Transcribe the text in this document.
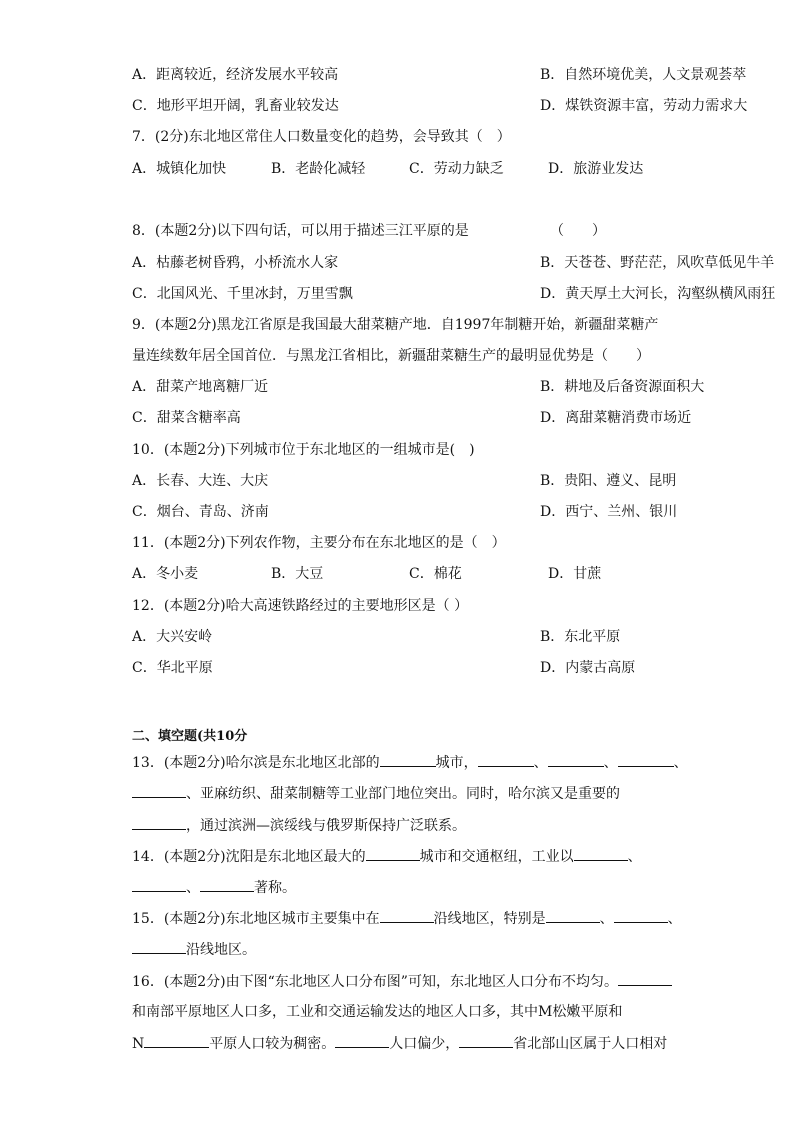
A．距离较近，经济发展水平较高	B．自然环境优美，人文景观荟萃
C．地形平坦开阔，乳畜业较发达	D．煤铁资源丰富，劳动力需求大
7．(2分)东北地区常住人口数量变化的趋势，会导致其（　）
A．城镇化加快	B．老龄化减轻	C．劳动力缺乏	D．旅游业发达
8．(本题2分)以下四句话，可以用于描述三江平原的是	（　　）
A．枯藤老树昏鸦，小桥流水人家	B．天苍苍、野茫茫，风吹草低见牛羊
C．北国风光、千里冰封，万里雪飘	D．黄天厚土大河长，沟壑纵横风雨狂
9．(本题2分)黑龙江省原是我国最大甜菜糖产地．自1997年制糖开始，新疆甜菜糖产
量连续数年居全国首位．与黑龙江省相比，新疆甜菜糖生产的最明显优势是（　　）
A．甜菜产地离糖厂近	B．耕地及后备资源面积大
C．甜菜含糖率高	D．离甜菜糖消费市场近
10．(本题2分)下列城市位于东北地区的一组城市是(　)
A．长春、大连、大庆	B．贵阳、遵义、昆明
C．烟台、青岛、济南	D．西宁、兰州、银川
11．(本题2分)下列农作物，主要分布在东北地区的是（　）
A．冬小麦	B．大豆	C．棉花	D．甘蔗
12．(本题2分)哈大高速铁路经过的主要地形区是（ ）
A．大兴安岭	B．东北平原
C．华北平原	D．内蒙古高原
二、填空题(共10分
13．(本题2分)哈尔滨是东北地区北部的	城市，	、	、	、
、亚麻纺织、甜菜制糖等工业部门地位突出。同时，哈尔滨又是重要的
，通过滨洲—滨绥线与俄罗斯保持广泛联系。
14．(本题2分)沈阳是东北地区最大的	城市和交通枢纽，工业以	、
、	著称。
15．(本题2分)东北地区城市主要集中在	沿线地区，特别是	、	、
沿线地区。
16．(本题2分)由下图“东北地区人口分布图”可知，东北地区人口分布不均匀。
和南部平原地区人口多，工业和交通运输发达的地区人口多，其中M松嫩平原和
N	平原人口较为稠密。	人口偏少，	省北部山区属于人口相对
